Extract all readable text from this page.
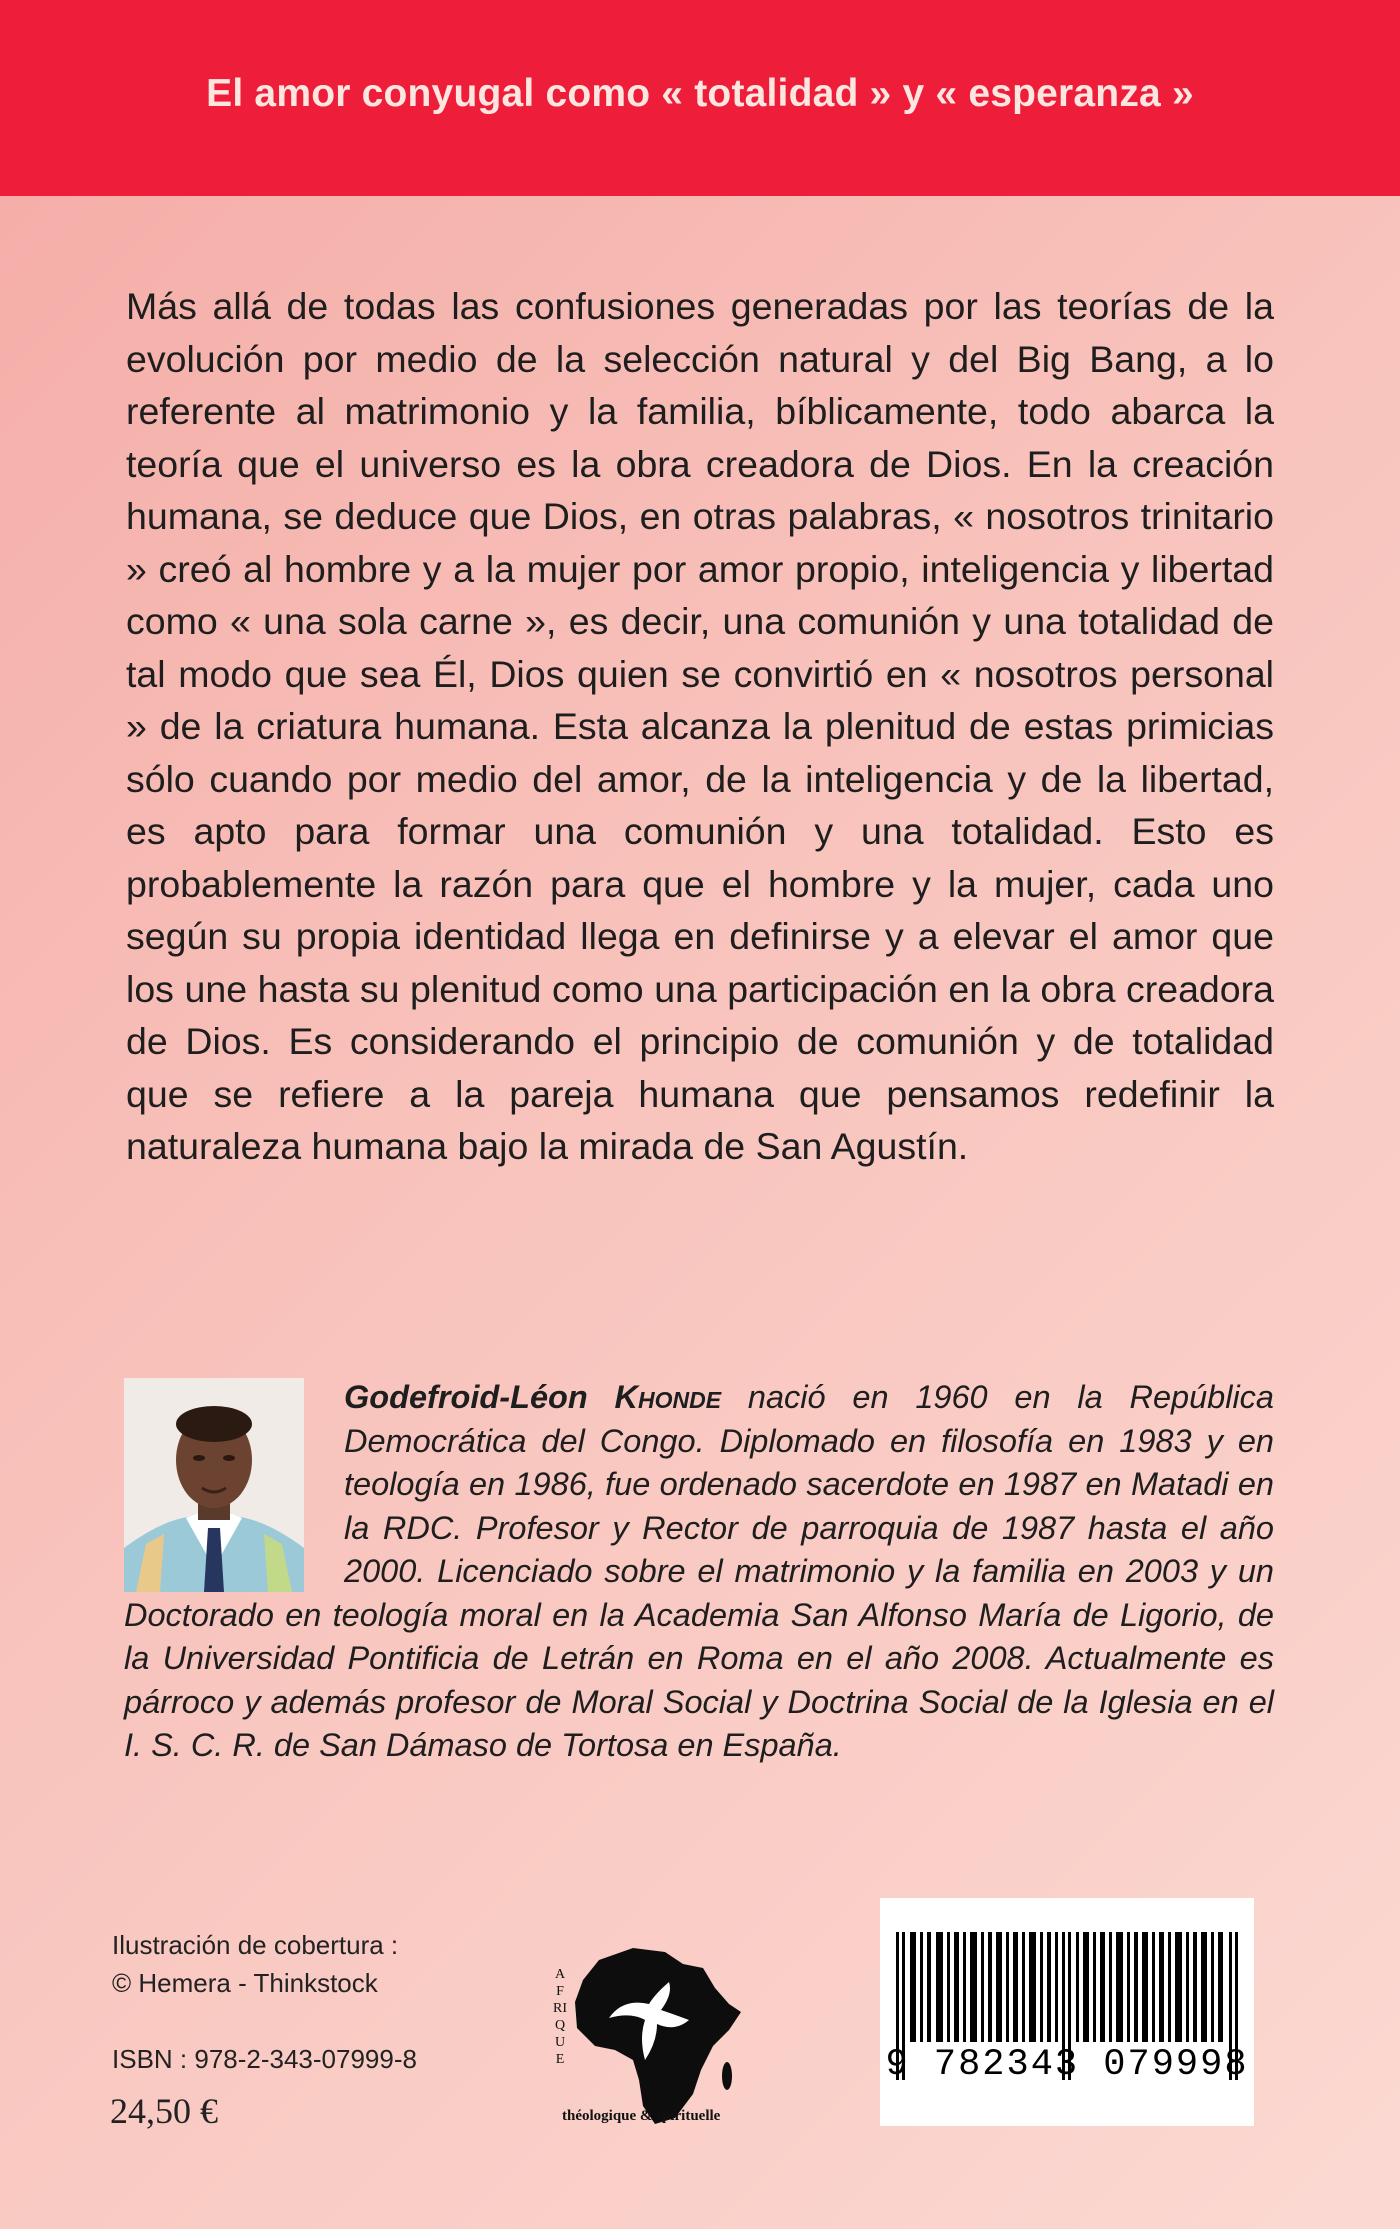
El amor conyugal como « totalidad » y « esperanza »

Más allá de todas las confusiones generadas por las teorías de la evolución por medio de la selección natural y del Big Bang, a lo referente al matrimonio y la familia, bíblicamente, todo abarca la teoría que el universo es la obra creadora de Dios. En la creación humana, se deduce que Dios, en otras palabras, « nosotros trinitario » creó al hombre y a la mujer por amor propio, inteligencia y libertad como « una sola carne », es decir, una comunión y una totalidad de tal modo que sea Él, Dios quien se convirtió en « nosotros personal » de la criatura humana. Esta alcanza la plenitud de estas primicias sólo cuando por medio del amor, de la inteligencia y de la libertad, es apto para formar una comunión y una totalidad. Esto es probablemente la razón para que el hombre y la mujer, cada uno según su propia identidad llega en definirse y a elevar el amor que los une hasta su plenitud como una participación en la obra creadora de Dios. Es considerando el principio de comunión y de totalidad que se refiere a la pareja humana que pensamos redefinir la naturaleza humana bajo la mirada de San Agustín.

Godefroid-Léon Khonde nació en 1960 en la República Democrática del Congo. Diplomado en filosofía en 1983 y en teología en 1986, fue ordenado sacerdote en 1987 en Matadi en la RDC. Profesor y Rector de parroquia de 1987 hasta el año 2000. Licenciado sobre el matrimonio y la familia en 2003 y un Doctorado en teología moral en la Academia San Alfonso María de Ligorio, de la Universidad Pontificia de Letrán en Roma en el año 2008. Actualmente es párroco y además profesor de Moral Social y Doctrina Social de la Iglesia en el I. S. C. R. de San Dámaso de Tortosa en España.

Ilustración de cobertura :
© Hemera - Thinkstock
ISBN : 978-2-343-07999-8
24,50 €
AFRIQUE
théologique & spirituelle
9 782343 079998
